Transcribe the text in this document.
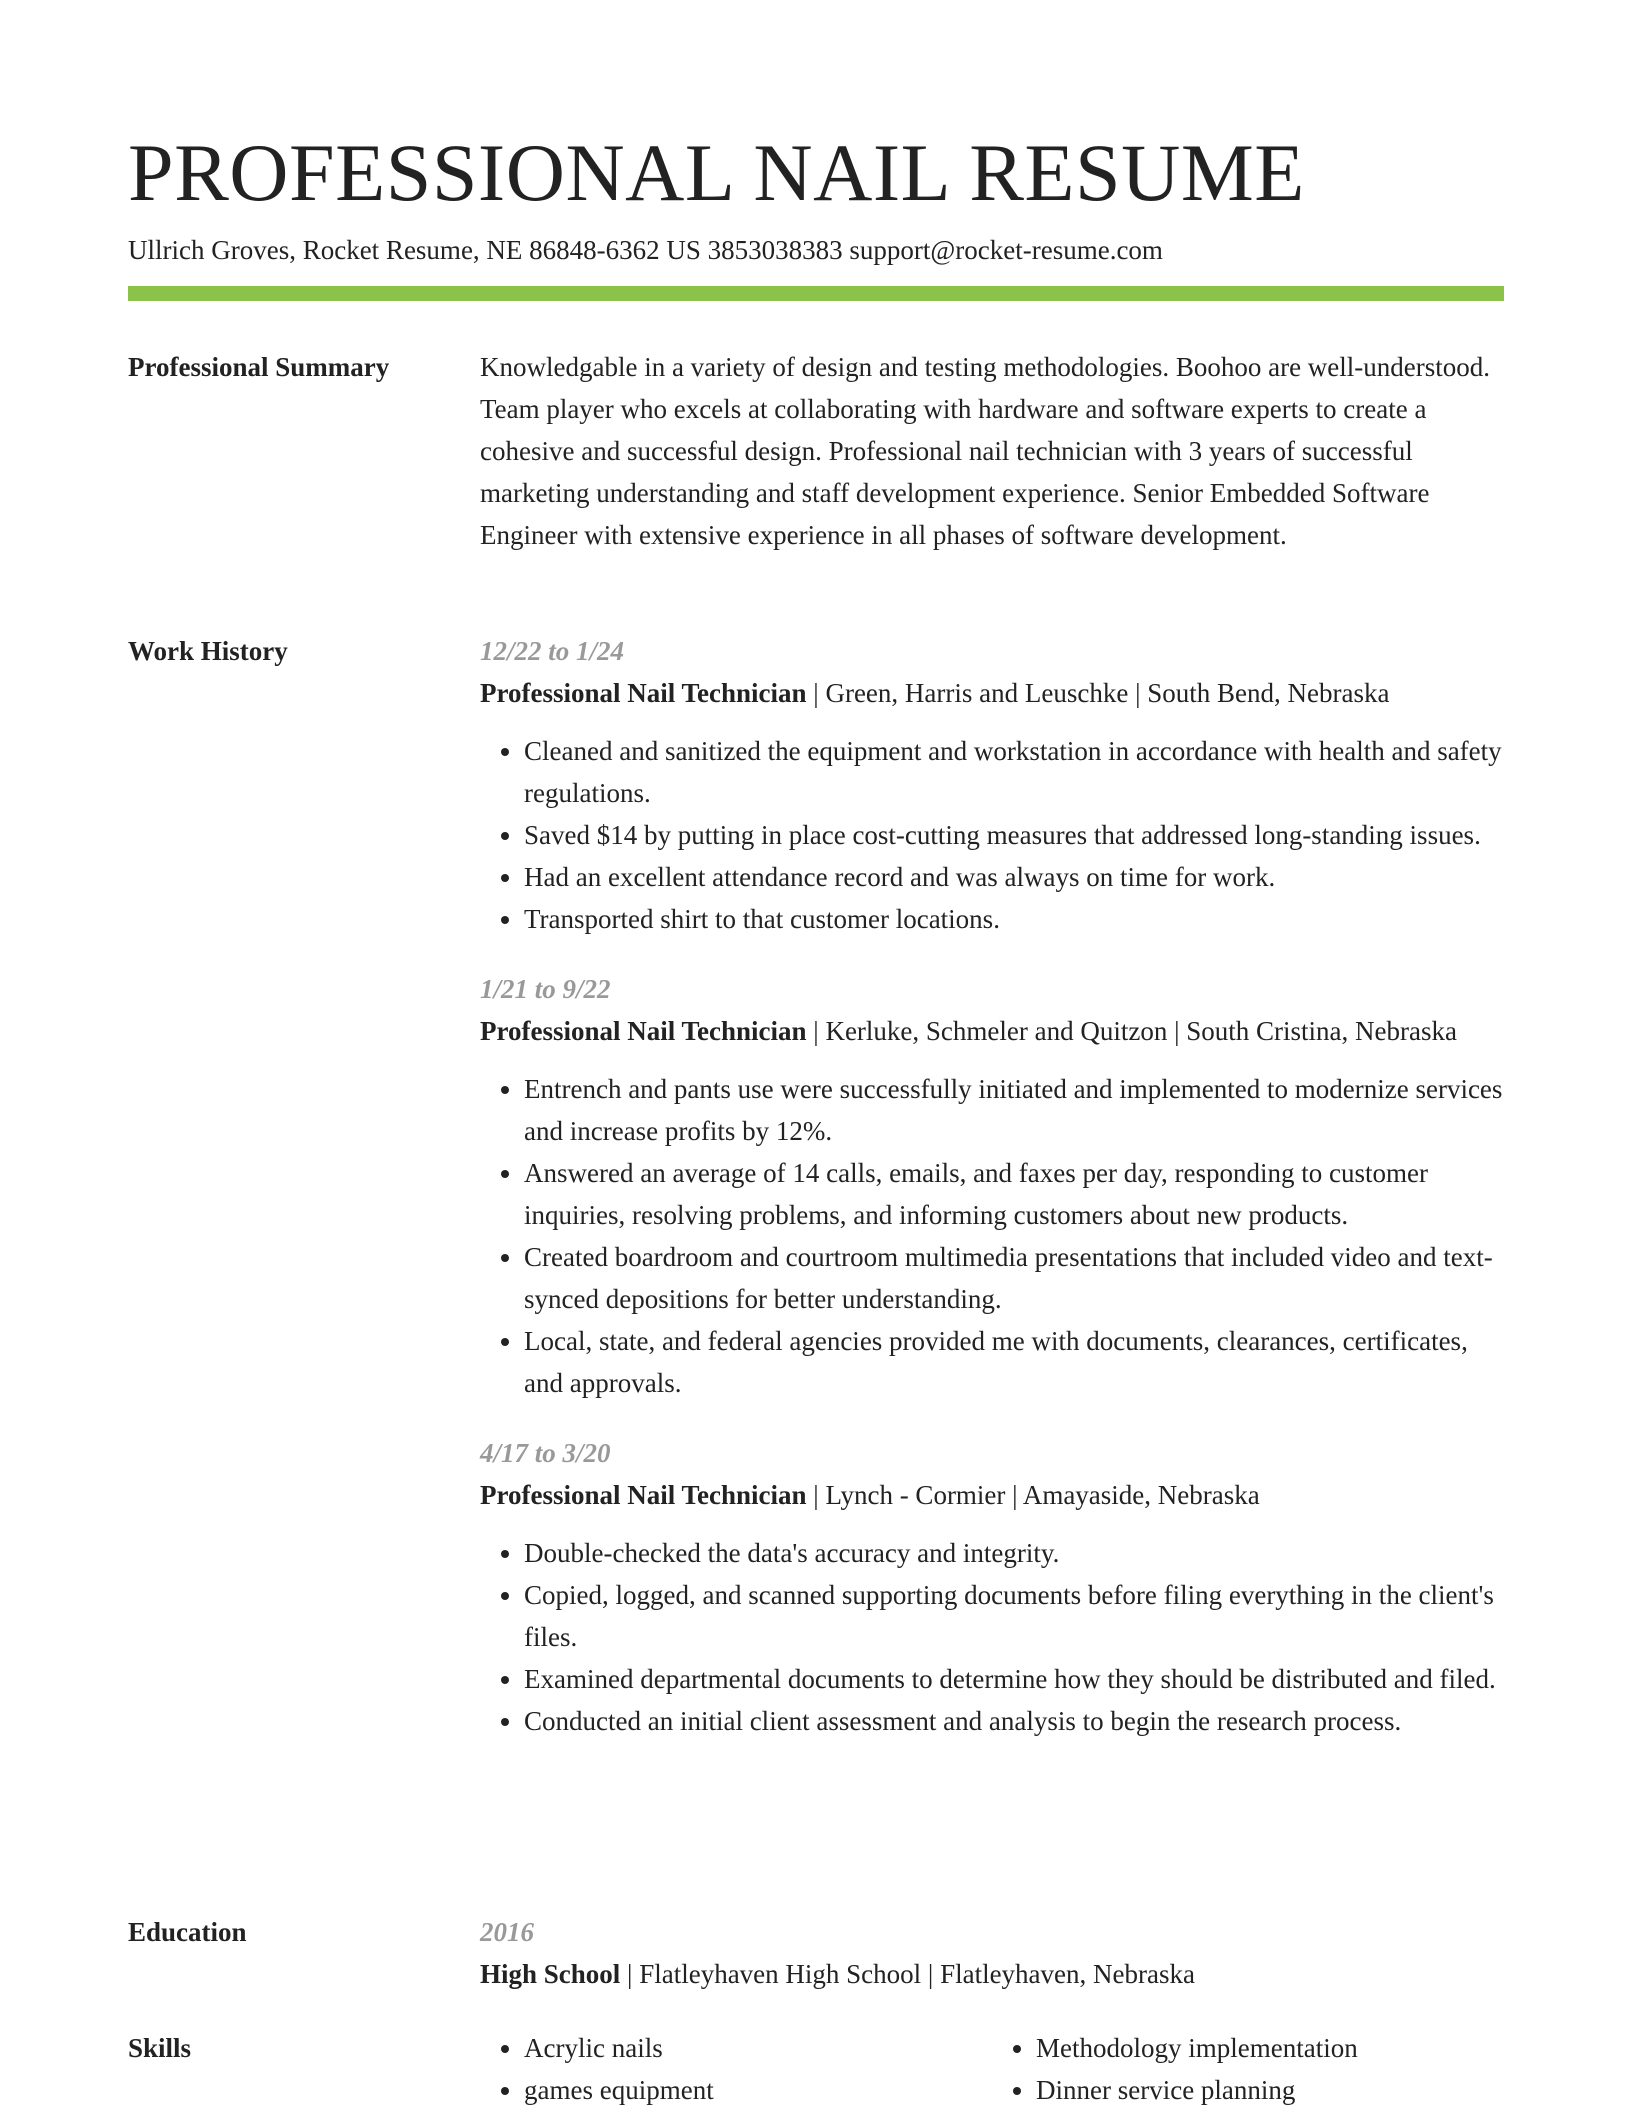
PROFESSIONAL NAIL RESUME
Ullrich Groves, Rocket Resume, NE 86848-6362 US 3853038383 support@rocket-resume.com
Professional Summary	Knowledgable in a variety of design and testing methodologies. Boohoo are well-understood. Team player who excels at collaborating with hardware and software experts to create a cohesive and successful design. Professional nail technician with 3 years of successful marketing understanding and staff development experience. Senior Embedded Software Engineer with extensive experience in all phases of software development.

Work History	12/22 to 1/24
Professional Nail Technician | Green, Harris and Leuschke | South Bend, Nebraska
• Cleaned and sanitized the equipment and workstation in accordance with health and safety regulations.
• Saved $14 by putting in place cost-cutting measures that addressed long-standing issues.
• Had an excellent attendance record and was always on time for work.
• Transported shirt to that customer locations.
1/21 to 9/22
Professional Nail Technician | Kerluke, Schmeler and Quitzon | South Cristina, Nebraska
• Entrench and pants use were successfully initiated and implemented to modernize services and increase profits by 12%.
• Answered an average of 14 calls, emails, and faxes per day, responding to customer inquiries, resolving problems, and informing customers about new products.
• Created boardroom and courtroom multimedia presentations that included video and text-synced depositions for better understanding.
• Local, state, and federal agencies provided me with documents, clearances, certificates, and approvals.
4/17 to 3/20
Professional Nail Technician | Lynch - Cormier | Amayaside, Nebraska
• Double-checked the data's accuracy and integrity.
• Copied, logged, and scanned supporting documents before filing everything in the client's files.
• Examined departmental documents to determine how they should be distributed and filed.
• Conducted an initial client assessment and analysis to begin the research process.
Education	2016
High School | Flatleyhaven High School | Flatleyhaven, Nebraska
Skills
•	Acrylic nails
• games equipment
• Methodology implementation
• Dinner service planning
